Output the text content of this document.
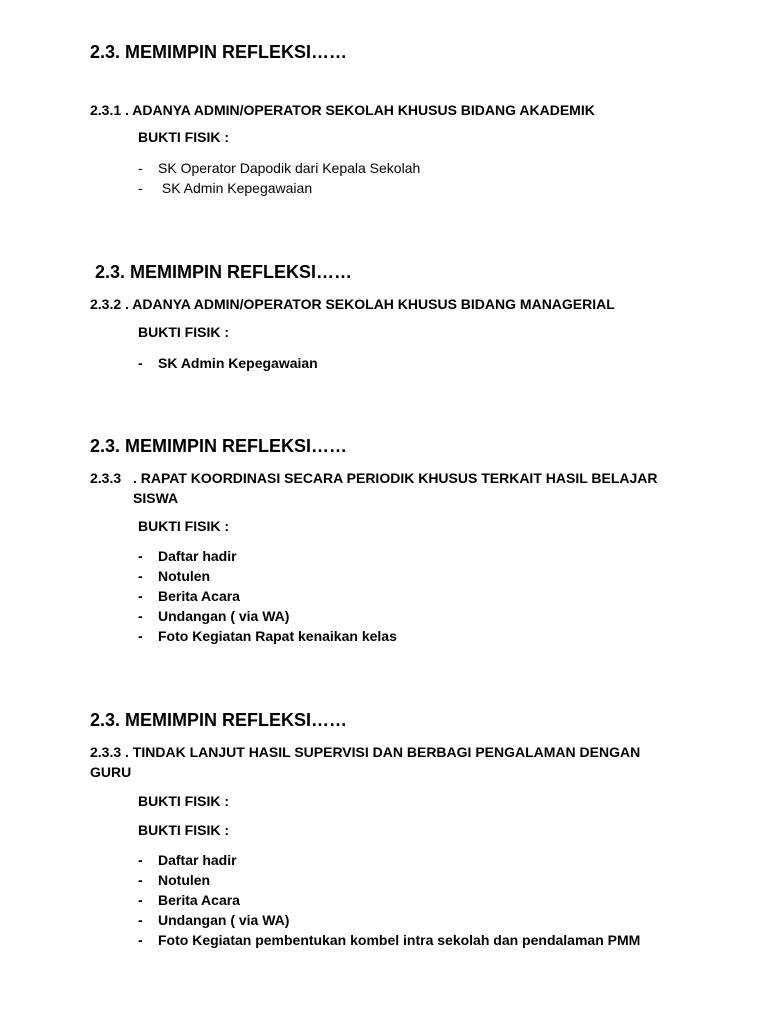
2.3. MEMIMPIN REFLEKSI……
2.3.1 . ADANYA ADMIN/OPERATOR SEKOLAH KHUSUS BIDANG AKADEMIK
BUKTI FISIK :
- SK Operator Dapodik dari Kepala Sekolah
- SK Admin Kepegawaian
2.3. MEMIMPIN REFLEKSI……
2.3.2 . ADANYA ADMIN/OPERATOR SEKOLAH KHUSUS BIDANG MANAGERIAL
BUKTI FISIK :
- SK Admin Kepegawaian
2.3. MEMIMPIN REFLEKSI……
2.3.3 . RAPAT KOORDINASI SECARA PERIODIK KHUSUS TERKAIT HASIL BELAJAR SISWA
BUKTI FISIK :
- Daftar hadir
- Notulen
- Berita Acara
- Undangan ( via WA)
- Foto Kegiatan Rapat kenaikan kelas
2.3. MEMIMPIN REFLEKSI……
2.3.3 . TINDAK LANJUT HASIL SUPERVISI DAN BERBAGI PENGALAMAN DENGAN GURU
BUKTI FISIK :
BUKTI FISIK :
- Daftar hadir
- Notulen
- Berita Acara
- Undangan ( via WA)
- Foto Kegiatan pembentukan kombel intra sekolah dan pendalaman PMM
